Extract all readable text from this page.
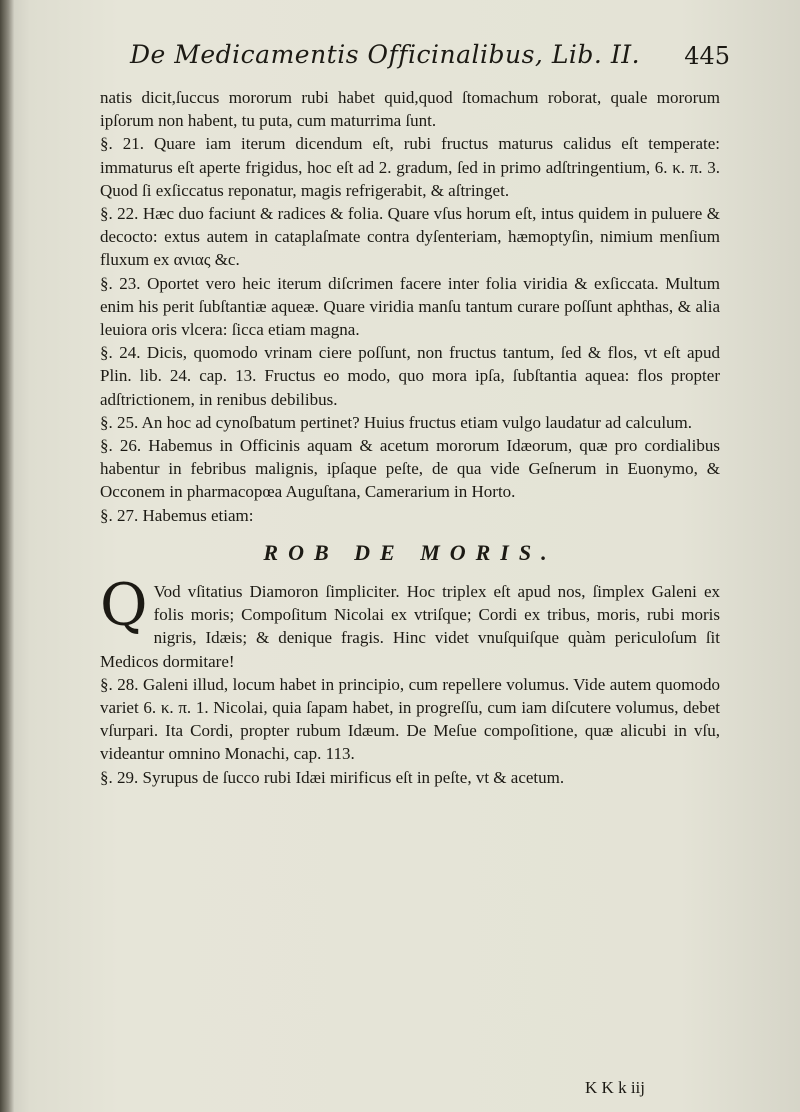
De Medicamentis Officinalibus, Lib. II. 445

natis dicit,ſuccus mororum rubi habet quid,quod ſtomachum roborat, quale mororum ipſorum non habent, tu puta, cum maturrima ſunt.

§. 21. Quare iam iterum dicendum eſt, rubi fructus maturus calidus eſt temperate: immaturus eſt aperte frigidus, hoc eſt ad 2. gradum, ſed in primo adſtringentium, 6. κ. π. 3. Quod ſi exſiccatus reponatur, magis refrigerabit, & aſtringet.

§. 22. Hæc duo faciunt & radices & folia. Quare vſus horum eſt, intus quidem in puluere & decocto: extus autem in cataplaſmate contra dyſenteriam, hæmoptyſin, nimium menſium fluxum ex ανιας &c.

§. 23. Oportet vero heic iterum diſcrimen facere inter folia viridia & exſiccata. Multum enim his perit ſubſtantiæ aqueæ. Quare viridia manſu tantum curare poſſunt aphthas, & alia leuiora oris vlcera: ſicca etiam magna.

§. 24. Dicis, quomodo vrinam ciere poſſunt, non fructus tantum, ſed & flos, vt eſt apud Plin. lib. 24. cap. 13. Fructus eo modo, quo mora ipſa, ſubſtantia aquea: flos propter adſtrictionem, in renibus debilibus.

§. 25. An hoc ad cynoſbatum pertinet? Huius fructus etiam vulgo laudatur ad calculum.

§. 26. Habemus in Officinis aquam & acetum mororum Idæorum, quæ pro cordialibus habentur in febribus malignis, ipſaque peſte, de qua vide Geſnerum in Euonymo, & Occonem in pharmacopœa Auguſtana, Camerarium in Horto.

§. 27. Habemus etiam:

ROB DE MORIS.

Q Vod vſitatius Diamoron ſimpliciter. Hoc triplex eſt apud nos, ſimplex Galeni ex folis moris; Compoſitum Nicolai ex vtriſque; Cordi ex tribus, moris, rubi moris nigris, Idæis; & denique fragis. Hinc videt vnuſquiſque quàm periculoſum ſit Medicos dormitare!

§. 28. Galeni illud, locum habet in principio, cum repellere volumus. Vide autem quomodo variet 6. κ. π. 1. Nicolai, quia ſapam habet, in progreſſu, cum iam diſcutere volumus, debet vſurpari. Ita Cordi, propter rubum Idæum. De Meſue compoſitione, quæ alicubi in vſu, videantur omnino Monachi, cap. 113.

§. 29. Syrupus de ſucco rubi Idæi mirificus eſt in peſte, vt & acetum.

K K k iij
